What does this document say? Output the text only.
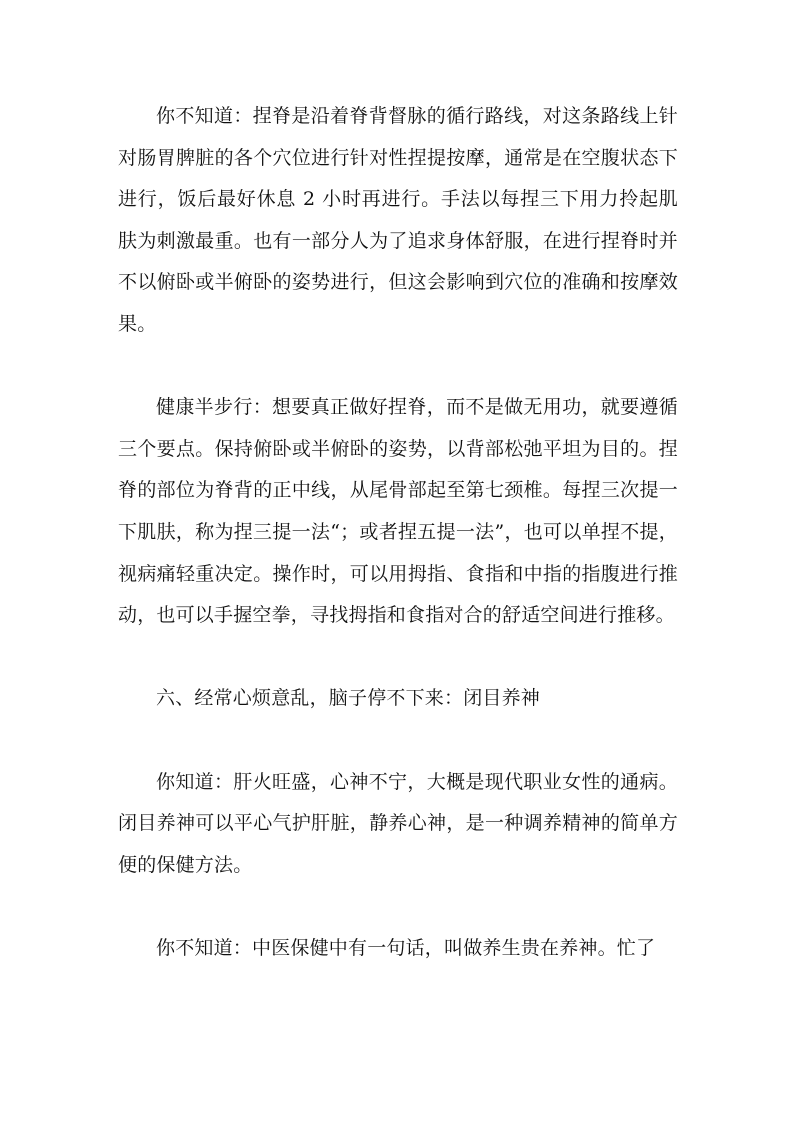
你不知道：捏脊是沿着脊背督脉的循行路线，对这条路线上针对肠胃脾脏的各个穴位进行针对性捏提按摩，通常是在空腹状态下进行，饭后最好休息 2 小时再进行。手法以每捏三下用力拎起肌肤为刺激最重。也有一部分人为了追求身体舒服，在进行捏脊时并不以俯卧或半俯卧的姿势进行，但这会影响到穴位的准确和按摩效果。

健康半步行：想要真正做好捏脊，而不是做无用功，就要遵循三个要点。保持俯卧或半俯卧的姿势，以背部松弛平坦为目的。捏脊的部位为脊背的正中线，从尾骨部起至第七颈椎。每捏三次提一下肌肤，称为捏三提一法“；或者捏五提一法”，也可以单捏不提，视病痛轻重决定。操作时，可以用拇指、食指和中指的指腹进行推动，也可以手握空拳，寻找拇指和食指对合的舒适空间进行推移。

六、经常心烦意乱，脑子停不下来：闭目养神

你知道：肝火旺盛，心神不宁，大概是现代职业女性的通病。闭目养神可以平心气护肝脏，静养心神，是一种调养精神的简单方便的保健方法。

你不知道：中医保健中有一句话，叫做养生贵在养神。忙了
